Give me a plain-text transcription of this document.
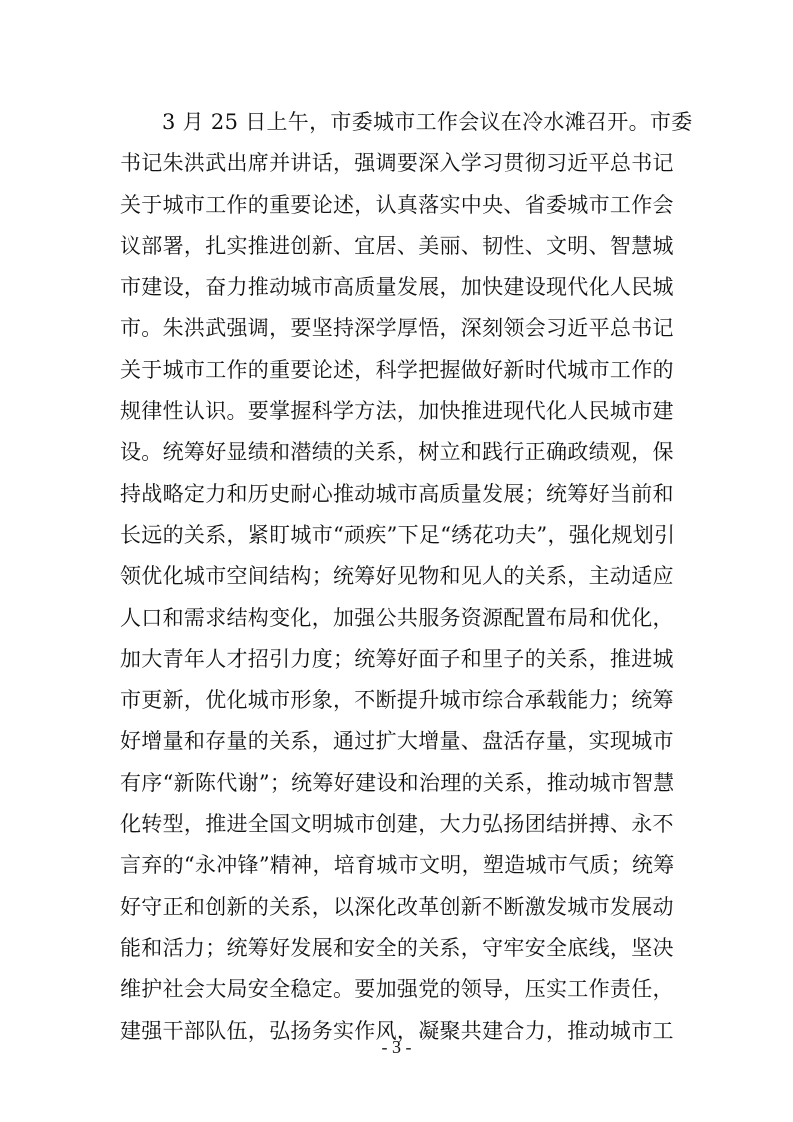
3 月 25 日上午，市委城市工作会议在冷水滩召开。市委
书记朱洪武出席并讲话，强调要深入学习贯彻习近平总书记
关于城市工作的重要论述，认真落实中央、省委城市工作会
议部署，扎实推进创新、宜居、美丽、韧性、文明、智慧城
市建设，奋力推动城市高质量发展，加快建设现代化人民城
市。朱洪武强调，要坚持深学厚悟，深刻领会习近平总书记
关于城市工作的重要论述，科学把握做好新时代城市工作的
规律性认识。要掌握科学方法，加快推进现代化人民城市建
设。统筹好显绩和潜绩的关系，树立和践行正确政绩观，保
持战略定力和历史耐心推动城市高质量发展；统筹好当前和
长远的关系，紧盯城市“顽疾”下足“绣花功夫”，强化规划引
领优化城市空间结构；统筹好见物和见人的关系，主动适应
人口和需求结构变化，加强公共服务资源配置布局和优化，
加大青年人才招引力度；统筹好面子和里子的关系，推进城
市更新，优化城市形象，不断提升城市综合承载能力；统筹
好增量和存量的关系，通过扩大增量、盘活存量，实现城市
有序“新陈代谢”；统筹好建设和治理的关系，推动城市智慧
化转型，推进全国文明城市创建，大力弘扬团结拼搏、永不
言弃的“永冲锋”精神，培育城市文明，塑造城市气质；统筹
好守正和创新的关系，以深化改革创新不断激发城市发展动
能和活力；统筹好发展和安全的关系，守牢安全底线，坚决
维护社会大局安全稳定。要加强党的领导，压实工作责任，
建强干部队伍，弘扬务实作风，凝聚共建合力，推动城市工
- 3 -
